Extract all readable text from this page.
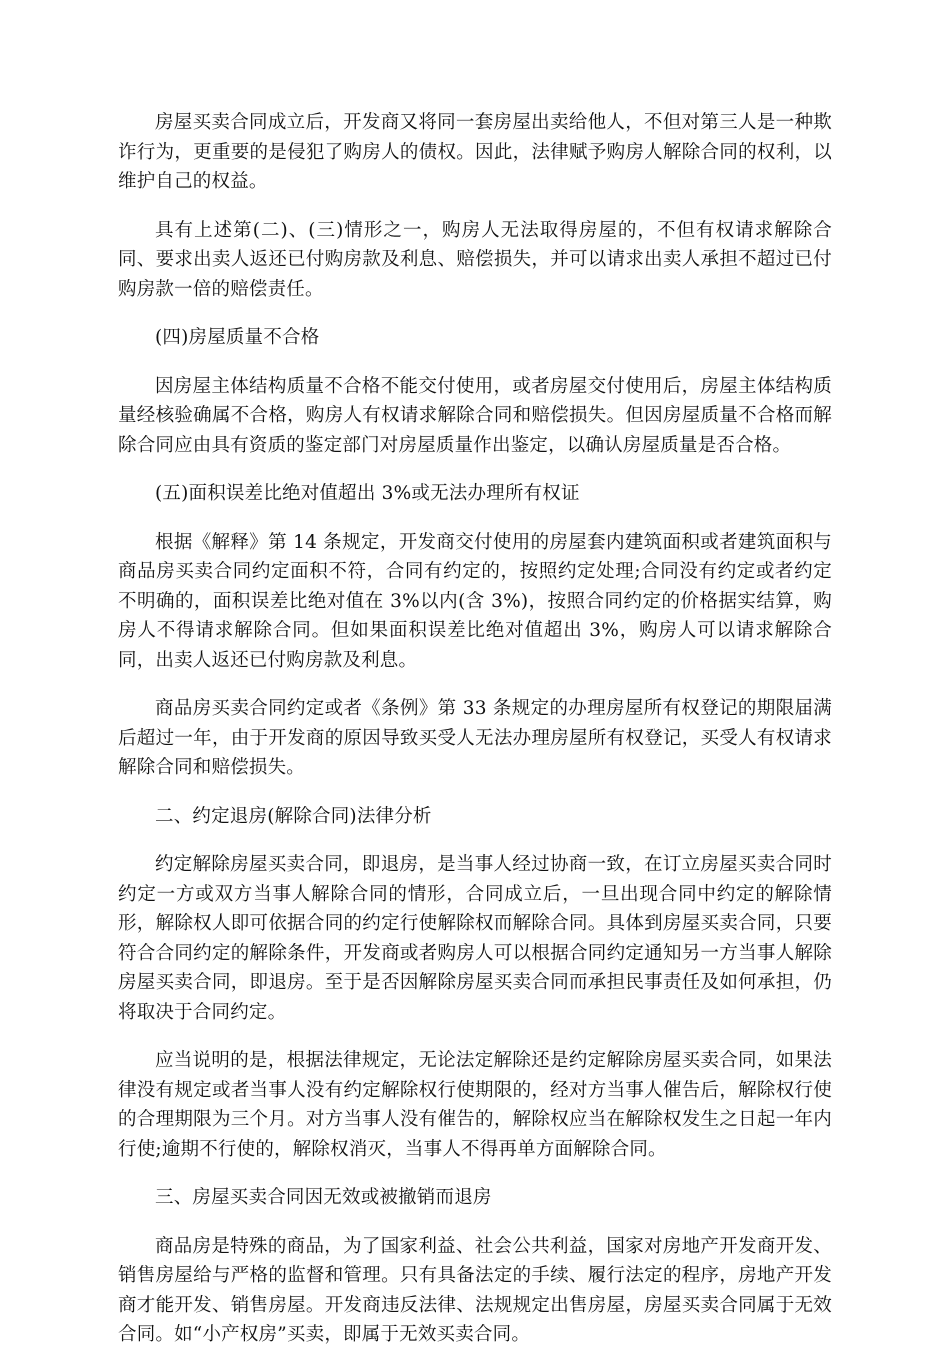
房屋买卖合同成立后，开发商又将同一套房屋出卖给他人，不但对第三人是一种欺诈行为，更重要的是侵犯了购房人的债权。因此，法律赋予购房人解除合同的权利，以维护自己的权益。

具有上述第(二)、(三)情形之一，购房人无法取得房屋的，不但有权请求解除合同、要求出卖人返还已付购房款及利息、赔偿损失，并可以请求出卖人承担不超过已付购房款一倍的赔偿责任。

(四)房屋质量不合格

因房屋主体结构质量不合格不能交付使用，或者房屋交付使用后，房屋主体结构质量经核验确属不合格，购房人有权请求解除合同和赔偿损失。但因房屋质量不合格而解除合同应由具有资质的鉴定部门对房屋质量作出鉴定，以确认房屋质量是否合格。

(五)面积误差比绝对值超出 3%或无法办理所有权证

根据《解释》第 14 条规定，开发商交付使用的房屋套内建筑面积或者建筑面积与商品房买卖合同约定面积不符，合同有约定的，按照约定处理;合同没有约定或者约定不明确的，面积误差比绝对值在 3%以内(含 3%)，按照合同约定的价格据实结算，购房人不得请求解除合同。但如果面积误差比绝对值超出 3%，购房人可以请求解除合同，出卖人返还已付购房款及利息。

商品房买卖合同约定或者《条例》第 33 条规定的办理房屋所有权登记的期限届满后超过一年，由于开发商的原因导致买受人无法办理房屋所有权登记，买受人有权请求解除合同和赔偿损失。

二、约定退房(解除合同)法律分析

约定解除房屋买卖合同，即退房，是当事人经过协商一致，在订立房屋买卖合同时约定一方或双方当事人解除合同的情形，合同成立后，一旦出现合同中约定的解除情形，解除权人即可依据合同的约定行使解除权而解除合同。具体到房屋买卖合同，只要符合合同约定的解除条件，开发商或者购房人可以根据合同约定通知另一方当事人解除房屋买卖合同，即退房。至于是否因解除房屋买卖合同而承担民事责任及如何承担，仍将取决于合同约定。

应当说明的是，根据法律规定，无论法定解除还是约定解除房屋买卖合同，如果法律没有规定或者当事人没有约定解除权行使期限的，经对方当事人催告后，解除权行使的合理期限为三个月。对方当事人没有催告的，解除权应当在解除权发生之日起一年内行使;逾期不行使的，解除权消灭，当事人不得再单方面解除合同。

三、房屋买卖合同因无效或被撤销而退房

商品房是特殊的商品，为了国家利益、社会公共利益，国家对房地产开发商开发、销售房屋给与严格的监督和管理。只有具备法定的手续、履行法定的程序，房地产开发商才能开发、销售房屋。开发商违反法律、法规规定出售房屋，房屋买卖合同属于无效合同。如“小产权房”买卖，即属于无效买卖合同。
